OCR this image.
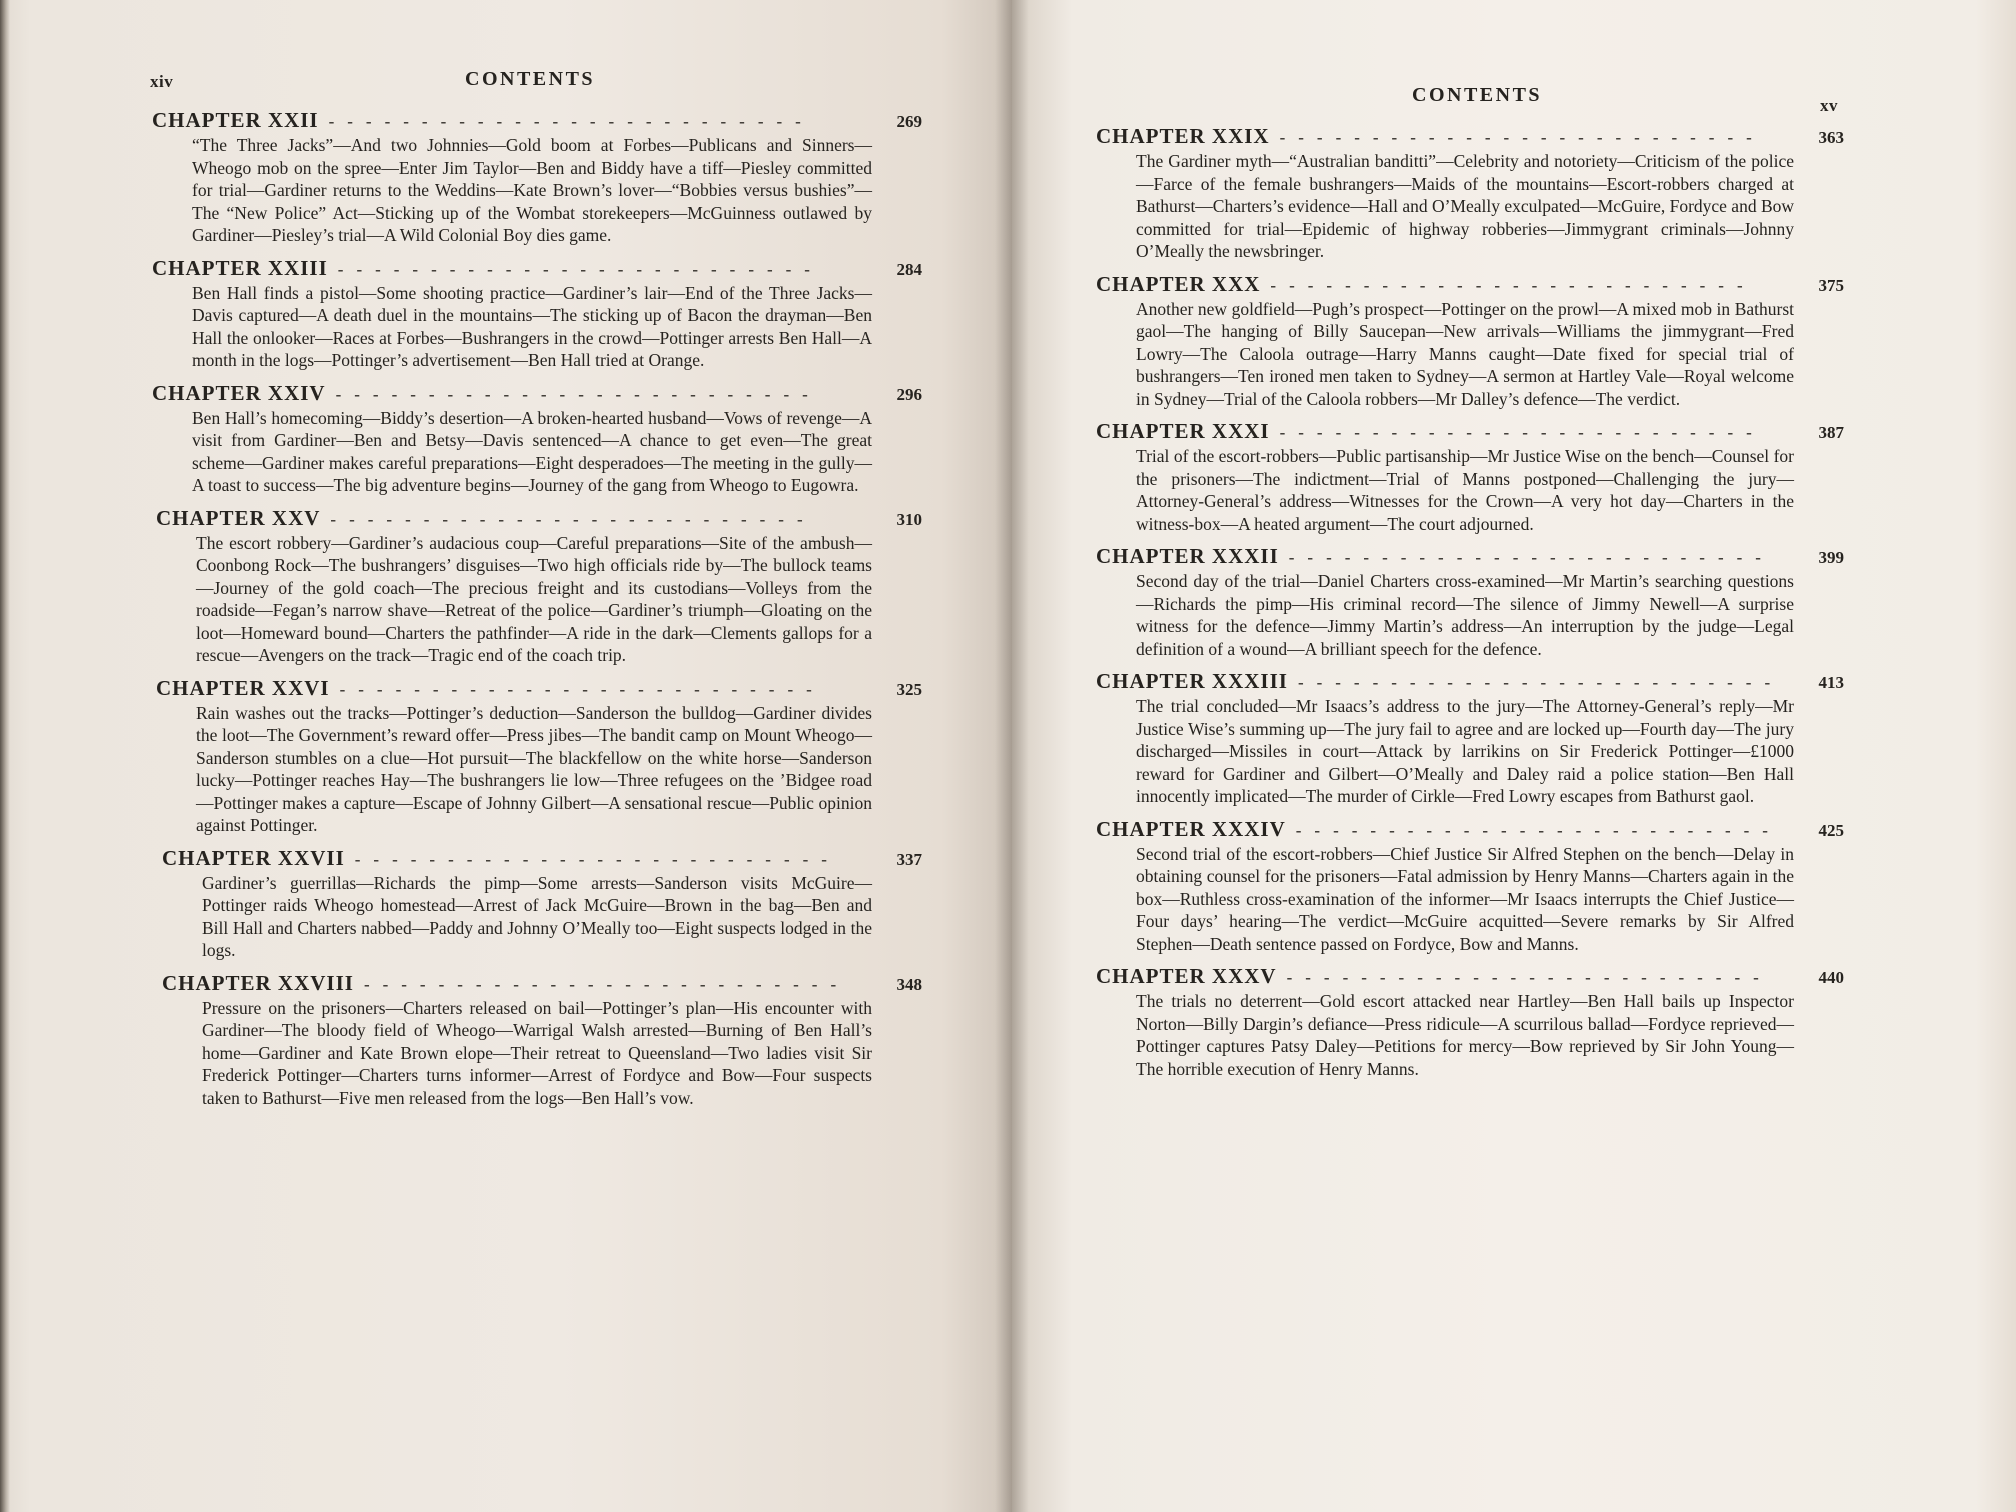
xiv	CONTENTS
CHAPTER XXII --------------------------	269
“The Three Jacks”—And two Johnnies—Gold boom at Forbes—Publicans and Sinners—Wheogo mob on the spree—Enter Jim Taylor—Ben and Biddy have a tiff—Piesley committed for trial—Gardiner returns to the Weddins—Kate Brown’s lover—“Bobbies versus bushies”—The “New Police” Act—Sticking up of the Wombat storekeepers—McGuinness outlawed by Gardiner—Piesley’s trial—A Wild Colonial Boy dies game.
CHAPTER XXIII --------------------------	284
Ben Hall finds a pistol—Some shooting practice—Gardiner’s lair—End of the Three Jacks—Davis captured—A death duel in the mountains—The sticking up of Bacon the drayman—Ben Hall the onlooker—Races at Forbes—Bushrangers in the crowd—Pottinger arrests Ben Hall—A month in the logs—Pottinger’s advertisement—Ben Hall tried at Orange.
CHAPTER XXIV --------------------------	296
Ben Hall’s homecoming—Biddy’s desertion—A broken-hearted husband—Vows of revenge—A visit from Gardiner—Ben and Betsy—Davis sentenced—A chance to get even—The great scheme—Gardiner makes careful preparations—Eight desperadoes—The meeting in the gully—A toast to success—The big adventure begins—Journey of the gang from Wheogo to Eugowra.
CHAPTER XXV --------------------------	310
The escort robbery—Gardiner’s audacious coup—Careful preparations—Site of the ambush—Coonbong Rock—The bushrangers’ disguises—Two high officials ride by—The bullock teams—Journey of the gold coach—The precious freight and its custodians—Volleys from the roadside—Fegan’s narrow shave—Retreat of the police—Gardiner’s triumph—Gloating on the loot—Homeward bound—Charters the pathfinder—A ride in the dark—Clements gallops for a rescue—Avengers on the track—Tragic end of the coach trip.
CHAPTER XXVI --------------------------	325
Rain washes out the tracks—Pottinger’s deduction—Sanderson the bulldog—Gardiner divides the loot—The Government’s reward offer—Press jibes—The bandit camp on Mount Wheogo—Sanderson stumbles on a clue—Hot pursuit—The blackfellow on the white horse—Sanderson lucky—Pottinger reaches Hay—The bushrangers lie low—Three refugees on the ’Bidgee road—Pottinger makes a capture—Escape of Johnny Gilbert—A sensational rescue—Public opinion against Pottinger.
CHAPTER XXVII --------------------------	337
Gardiner’s guerrillas—Richards the pimp—Some arrests—Sanderson visits McGuire—Pottinger raids Wheogo homestead—Arrest of Jack McGuire—Brown in the bag—Ben and Bill Hall and Charters nabbed—Paddy and Johnny O’Meally too—Eight suspects lodged in the logs.
CHAPTER XXVIII --------------------------	348
Pressure on the prisoners—Charters released on bail—Pottinger’s plan—His encounter with Gardiner—The bloody field of Wheogo—Warrigal Walsh arrested—Burning of Ben Hall’s home—Gardiner and Kate Brown elope—Their retreat to Queensland—Two ladies visit Sir Frederick Pottinger—Charters turns informer—Arrest of Fordyce and Bow—Four suspects taken to Bathurst—Five men released from the logs—Ben Hall’s vow.
CONTENTS	xv
CHAPTER XXIX --------------------------	363
The Gardiner myth—“Australian banditti”—Celebrity and notoriety—Criticism of the police—Farce of the female bushrangers—Maids of the mountains—Escort-robbers charged at Bathurst—Charters’s evidence—Hall and O’Meally exculpated—McGuire, Fordyce and Bow committed for trial—Epidemic of highway robberies—Jimmygrant criminals—Johnny O’Meally the newsbringer.
CHAPTER XXX --------------------------	375
Another new goldfield—Pugh’s prospect—Pottinger on the prowl—A mixed mob in Bathurst gaol—The hanging of Billy Saucepan—New arrivals—Williams the jimmygrant—Fred Lowry—The Caloola outrage—Harry Manns caught—Date fixed for special trial of bushrangers—Ten ironed men taken to Sydney—A sermon at Hartley Vale—Royal welcome in Sydney—Trial of the Caloola robbers—Mr Dalley’s defence—The verdict.
CHAPTER XXXI --------------------------	387
Trial of the escort-robbers—Public partisanship—Mr Justice Wise on the bench—Counsel for the prisoners—The indictment—Trial of Manns postponed—Challenging the jury—Attorney-General’s address—Witnesses for the Crown—A very hot day—Charters in the witness-box—A heated argument—The court adjourned.
CHAPTER XXXII --------------------------	399
Second day of the trial—Daniel Charters cross-examined—Mr Martin’s searching questions—Richards the pimp—His criminal record—The silence of Jimmy Newell—A surprise witness for the defence—Jimmy Martin’s address—An interruption by the judge—Legal definition of a wound—A brilliant speech for the defence.
CHAPTER XXXIII --------------------------	413
The trial concluded—Mr Isaacs’s address to the jury—The Attorney-General’s reply—Mr Justice Wise’s summing up—The jury fail to agree and are locked up—Fourth day—The jury discharged—Missiles in court—Attack by larrikins on Sir Frederick Pottinger—£1000 reward for Gardiner and Gilbert—O’Meally and Daley raid a police station—Ben Hall innocently implicated—The murder of Cirkle—Fred Lowry escapes from Bathurst gaol.
CHAPTER XXXIV --------------------------	425
Second trial of the escort-robbers—Chief Justice Sir Alfred Stephen on the bench—Delay in obtaining counsel for the prisoners—Fatal admission by Henry Manns—Charters again in the box—Ruthless cross-examination of the informer—Mr Isaacs interrupts the Chief Justice—Four days’ hearing—The verdict—McGuire acquitted—Severe remarks by Sir Alfred Stephen—Death sentence passed on Fordyce, Bow and Manns.
CHAPTER XXXV --------------------------	440
The trials no deterrent—Gold escort attacked near Hartley—Ben Hall bails up Inspector Norton—Billy Dargin’s defiance—Press ridicule—A scurrilous ballad—Fordyce reprieved—Pottinger captures Patsy Daley—Petitions for mercy—Bow reprieved by Sir John Young—The horrible execution of Henry Manns.
